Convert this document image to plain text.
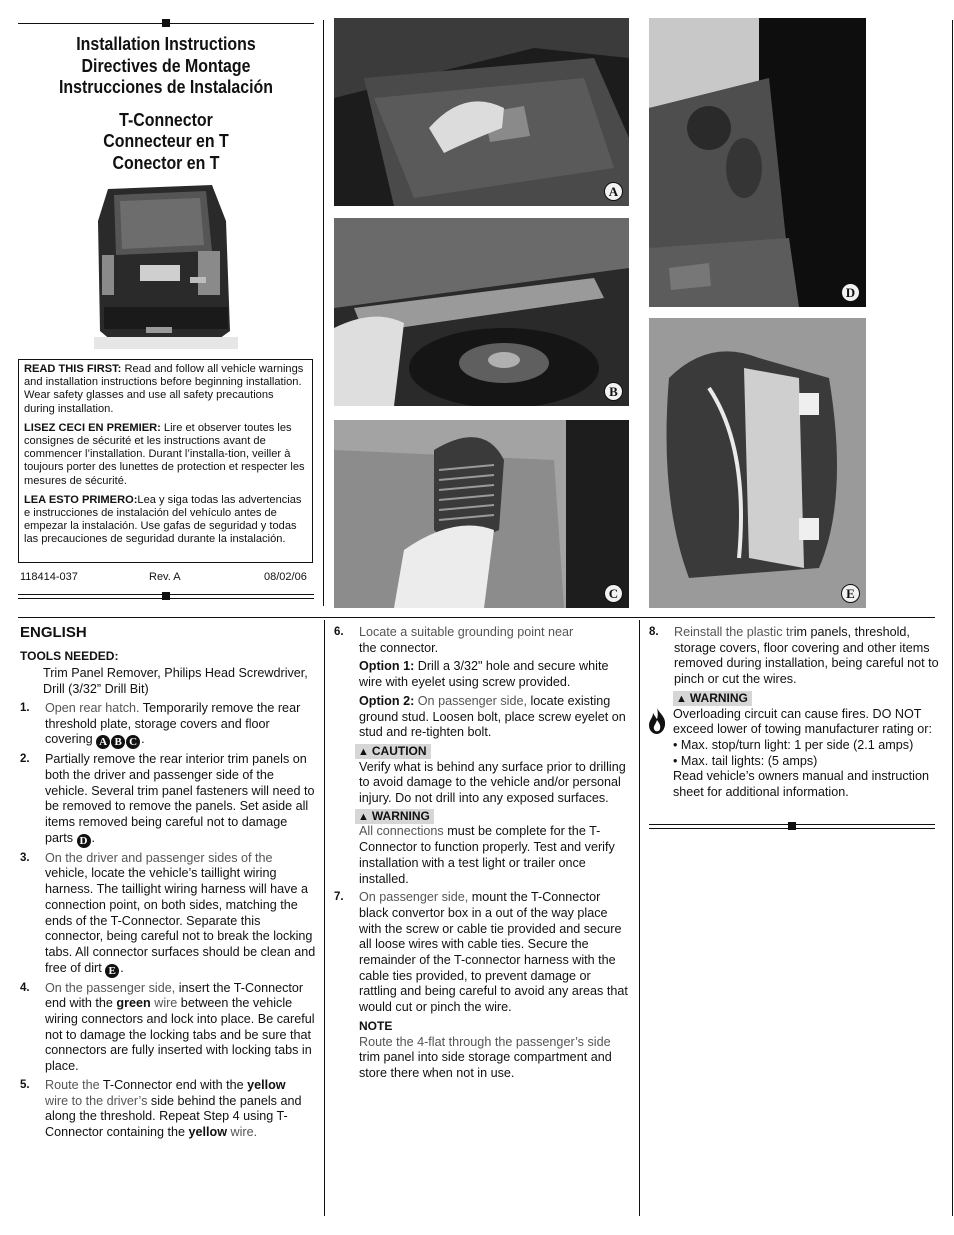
Installation Instructions
Directives de Montage
Instrucciones de Instalación
T-Connector
Connecteur en T
Conector en T

READ THIS FIRST: Read and follow all vehicle warnings and installation instructions before beginning installation. Wear safety glasses and use all safety precautions during installation.

LISEZ CECI EN PREMIER: Lire et observer toutes les consignes de sécurité et les instructions avant de commencer l’installation. Durant l’installa-tion, veiller à toujours porter des lunettes de protection et respecter les mesures de sécurité.

LEA ESTO PRIMERO:Lea y siga todas las advertencias e instrucciones de instalación del vehículo antes de empezar la instalación. Use gafas de seguridad y todas las precauciones de seguridad durante la instalación.

118414-037	Rev. A	08/02/06
A
B
C
D
E
ENGLISH
TOOLS NEEDED:

Trim Panel Remover, Philips Head Screwdriver, Drill (3/32” Drill Bit)

1. Open rear hatch. Temporarily remove the rear threshold plate, storage covers and floor covering A B C .
2. Partially remove the rear interior trim panels on both the driver and passenger side of the vehicle. Several trim panel fasteners will need to be removed to remove the panels. Set aside all items removed being careful not to damage parts D .
3. On the driver and passenger sides of the vehicle, locate the vehicle’s taillight wiring harness. The taillight wiring harness will have a connection point, on both sides, matching the ends of the T-Connector. Separate this connector, being careful not to break the locking tabs. All connector surfaces should be clean and free of dirt E .
4. On the passenger side, insert the T-Connector end with the green wire between the vehicle wiring connectors and lock into place. Be careful not to damage the locking tabs and be sure that connectors are fully inserted with locking tabs in place.
5. Route the T-Connector end with the yellow
wire to the driver’s side behind the panels and along the threshold. Repeat Step 4 using T-Connector containing the yellow wire.
6. Locate a suitable grounding point near
the connector.

Option 1: Drill a 3/32" hole and secure white wire with eyelet using screw provided.

Option 2: On passenger side, locate existing ground stud. Loosen bolt, place screw eyelet on stud and re-tighten bolt.

▲ CAUTION

Verify what is behind any surface prior to drilling to avoid damage to the vehicle and/or personal injury. Do not drill into any exposed surfaces.

▲ WARNING

All connections must be complete for the T-Connector to function properly. Test and verify installation with a test light or trailer once installed.

7. On passenger side, mount the T-Connector black convertor box in a out of the way place with the screw or cable tie provided and secure all loose wires with cable ties. Secure the remainder of the T-connector harness with the cable ties provided, to prevent damage or rattling and being careful to avoid any areas that would cut or pinch the wire.

NOTE

Route the 4-flat through the passenger’s side trim panel into side storage compartment and store there when not in use.

8. Reinstall the plastic trim panels, threshold, storage covers, floor covering and other items removed during installation, being careful not to pinch or cut the wires.
▲ WARNING

Overloading circuit can cause fires. DO NOT exceed lower of towing manufacturer rating or:

• Max. stop/turn light: 1 per side (2.1 amps)

• Max. tail lights: (5 amps)

Read vehicle’s owners manual and instruction sheet for additional information.
